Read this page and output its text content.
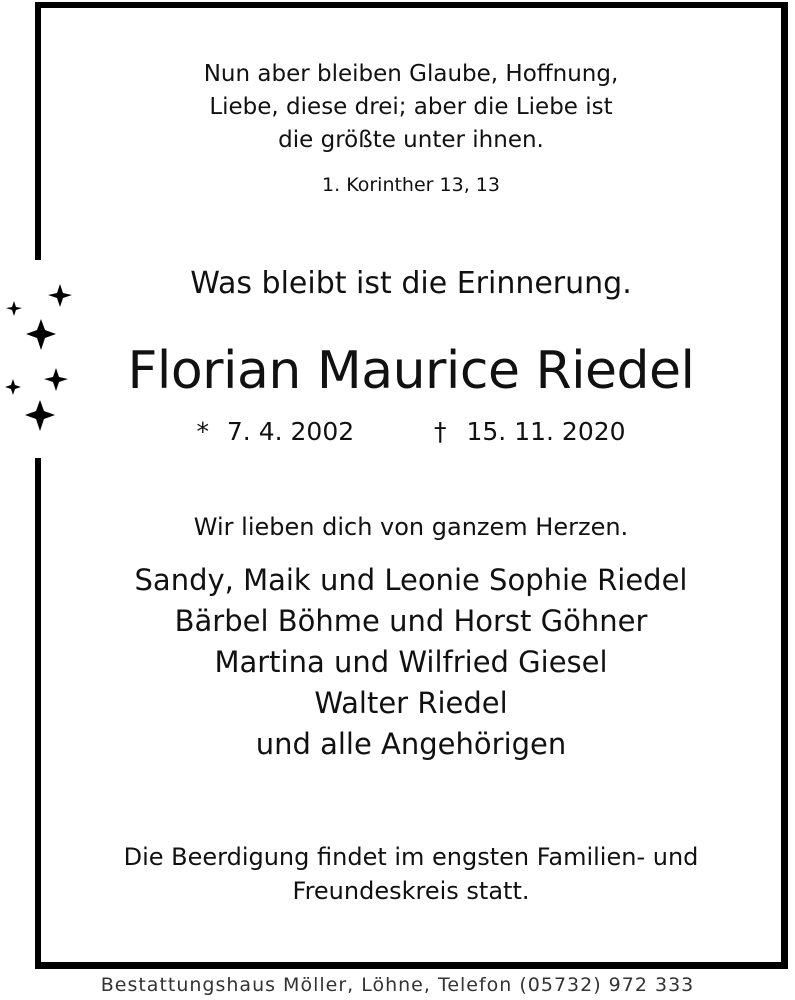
Nun aber bleiben Glaube, Hoffnung,
Liebe, diese drei; aber die Liebe ist
die größte unter ihnen.
1. Korinther 13, 13
Was bleibt ist die Erinnerung.
Florian Maurice Riedel
* 7. 4. 2002	† 15. 11. 2020
Wir lieben dich von ganzem Herzen.
Sandy, Maik und Leonie Sophie Riedel
Bärbel Böhme und Horst Göhner
Martina und Wilfried Giesel
Walter Riedel
und alle Angehörigen
Die Beerdigung findet im engsten Familien- und
Freundeskreis statt.
Bestattungshaus Möller, Löhne, Telefon (05732) 972 333
